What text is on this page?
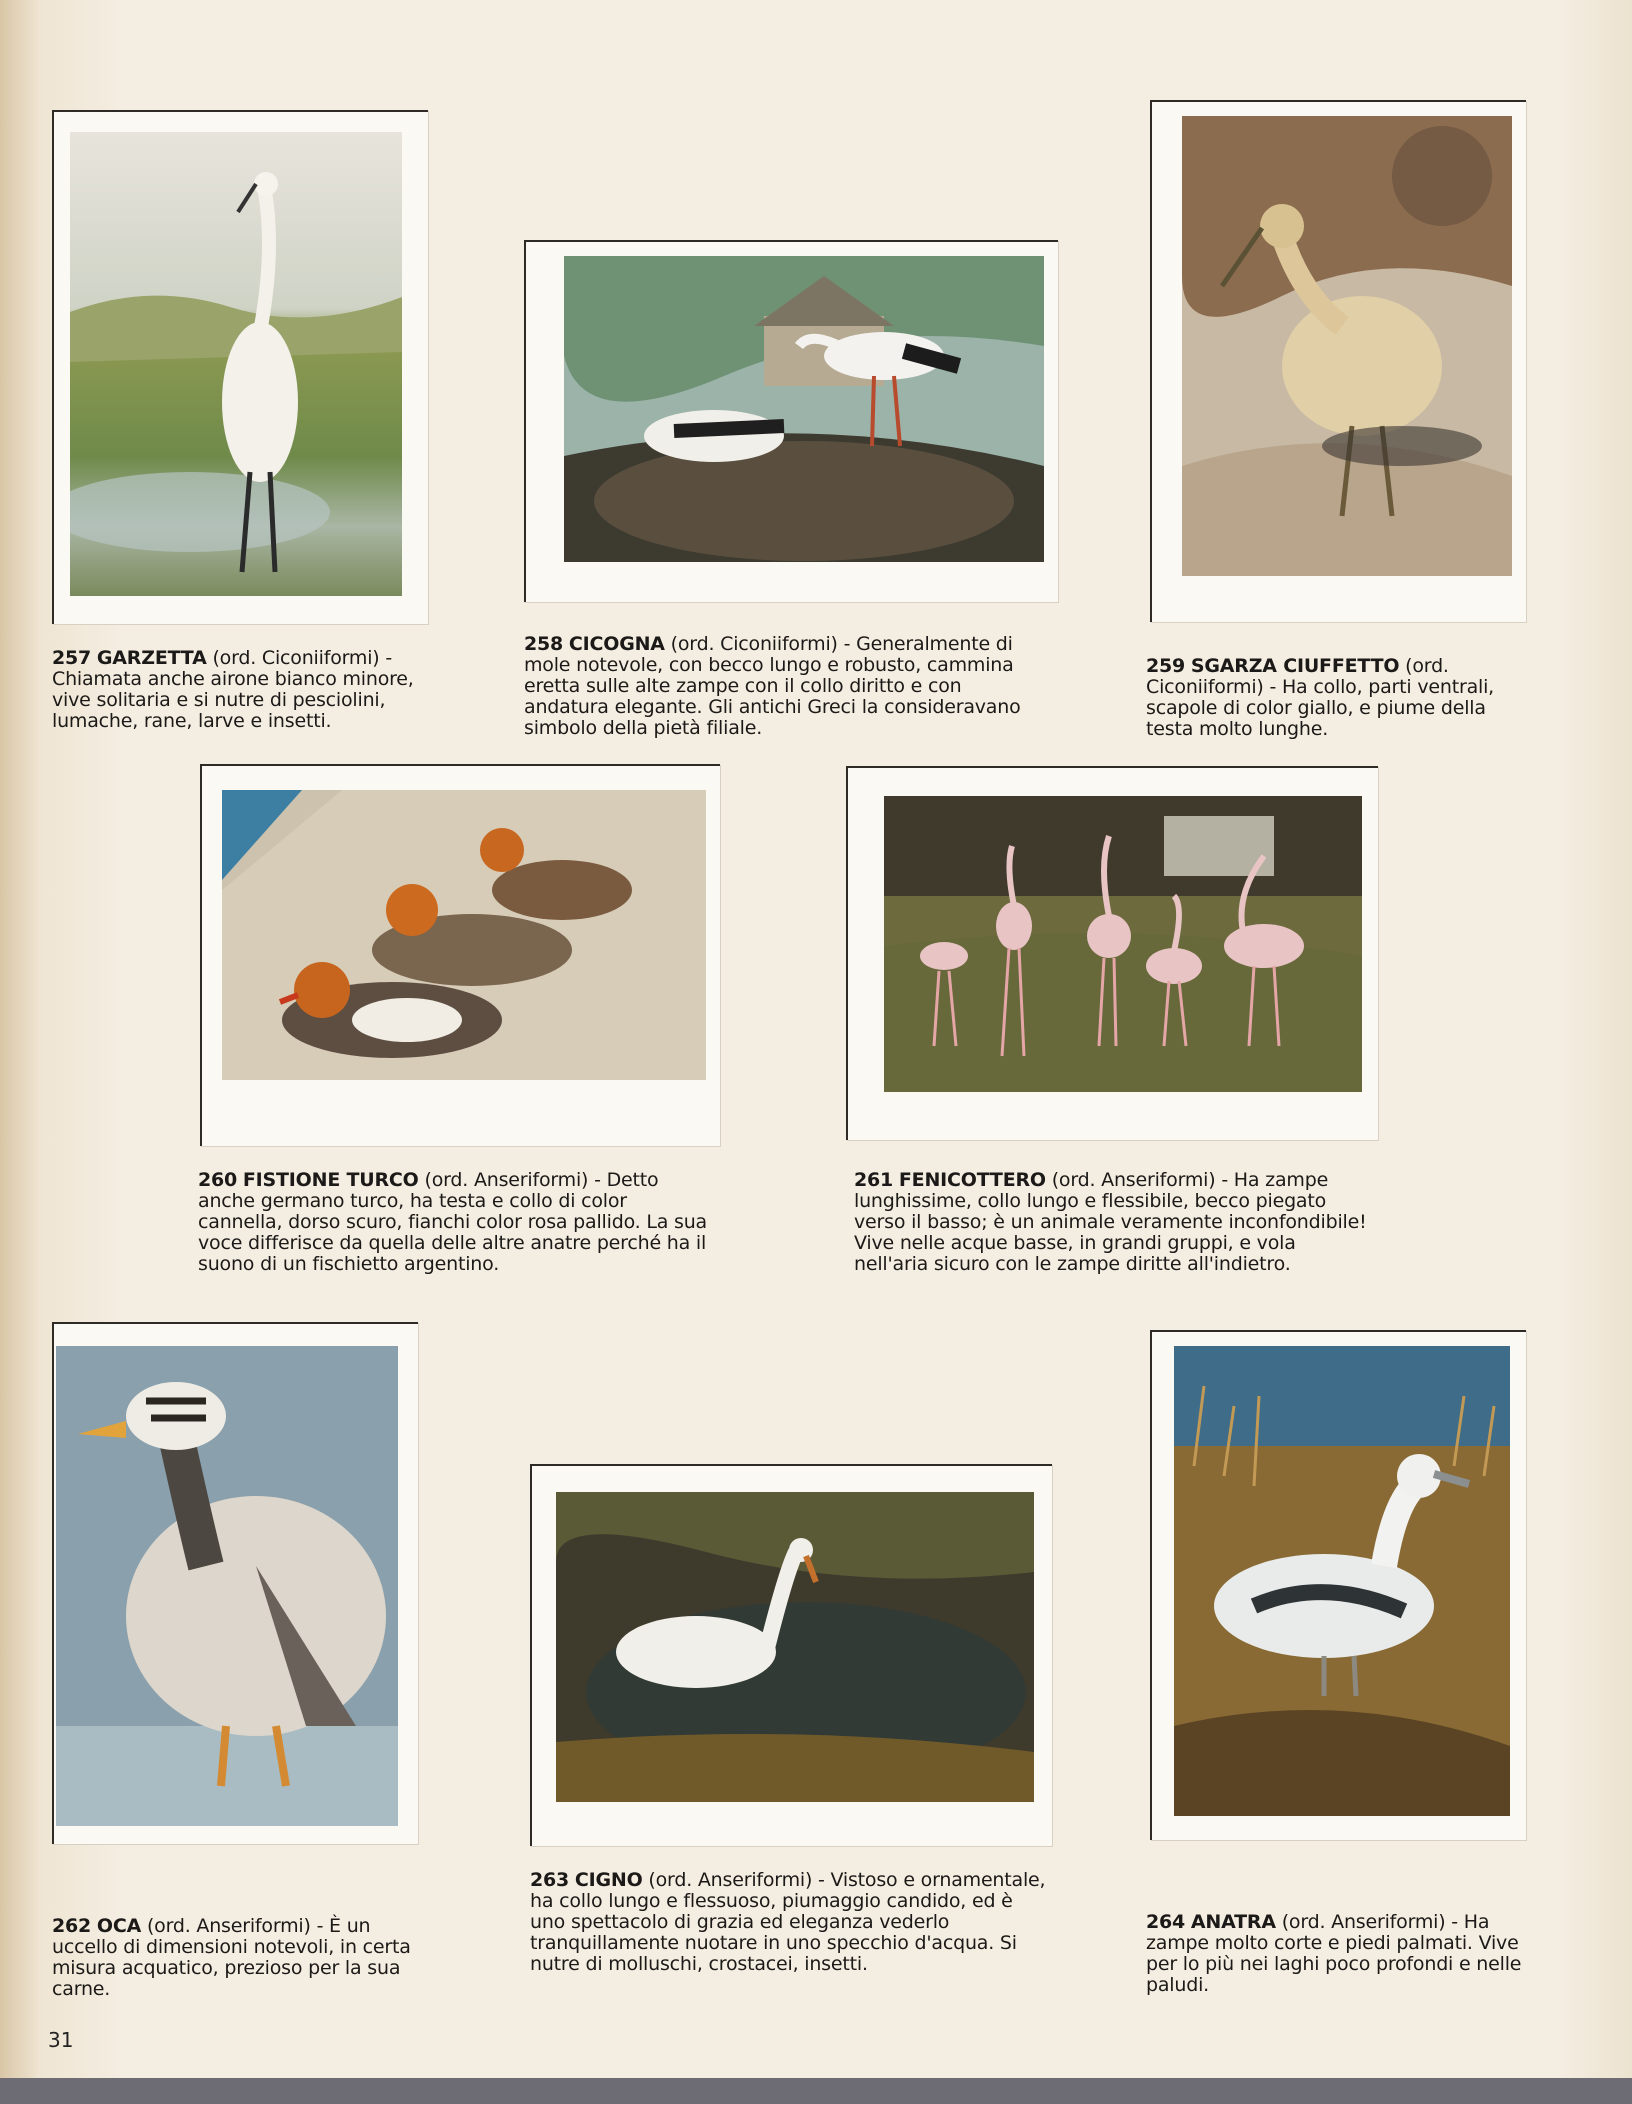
257 GARZETTA (ord. Ciconiiformi) - Chiamata anche airone bianco minore, vive solitaria e si nutre di pesciolini, lumache, rane, larve e insetti.
258 CICOGNA (ord. Ciconiiformi) - Generalmente di mole notevole, con becco lungo e robusto, cammina eretta sulle alte zampe con il collo diritto e con andatura elegante. Gli antichi Greci la consideravano simbolo della pietà filiale.
259 SGARZA CIUFFETTO (ord. Ciconiiformi) - Ha collo, parti ventrali, scapole di color giallo, e piume della testa molto lunghe.
260 FISTIONE TURCO (ord. Anseriformi) - Detto anche germano turco, ha testa e collo di color cannella, dorso scuro, fianchi color rosa pallido. La sua voce differisce da quella delle altre anatre perché ha il suono di un fischietto argentino.
261 FENICOTTERO (ord. Anseriformi) - Ha zampe lunghissime, collo lungo e flessibile, becco piegato verso il basso; è un animale veramente inconfondibile! Vive nelle acque basse, in grandi gruppi, e vola nell'aria sicuro con le zampe diritte all'indietro.
262 OCA (ord. Anseriformi) - È un uccello di dimensioni notevoli, in certa misura acquatico, prezioso per la sua carne.
263 CIGNO (ord. Anseriformi) - Vistoso e ornamentale, ha collo lungo e flessuoso, piumaggio candido, ed è uno spettacolo di grazia ed eleganza vederlo tranquillamente nuotare in uno specchio d'acqua. Si nutre di molluschi, crostacei, insetti.
264 ANATRA (ord. Anseriformi) - Ha zampe molto corte e piedi palmati. Vive per lo più nei laghi poco profondi e nelle paludi.
31
